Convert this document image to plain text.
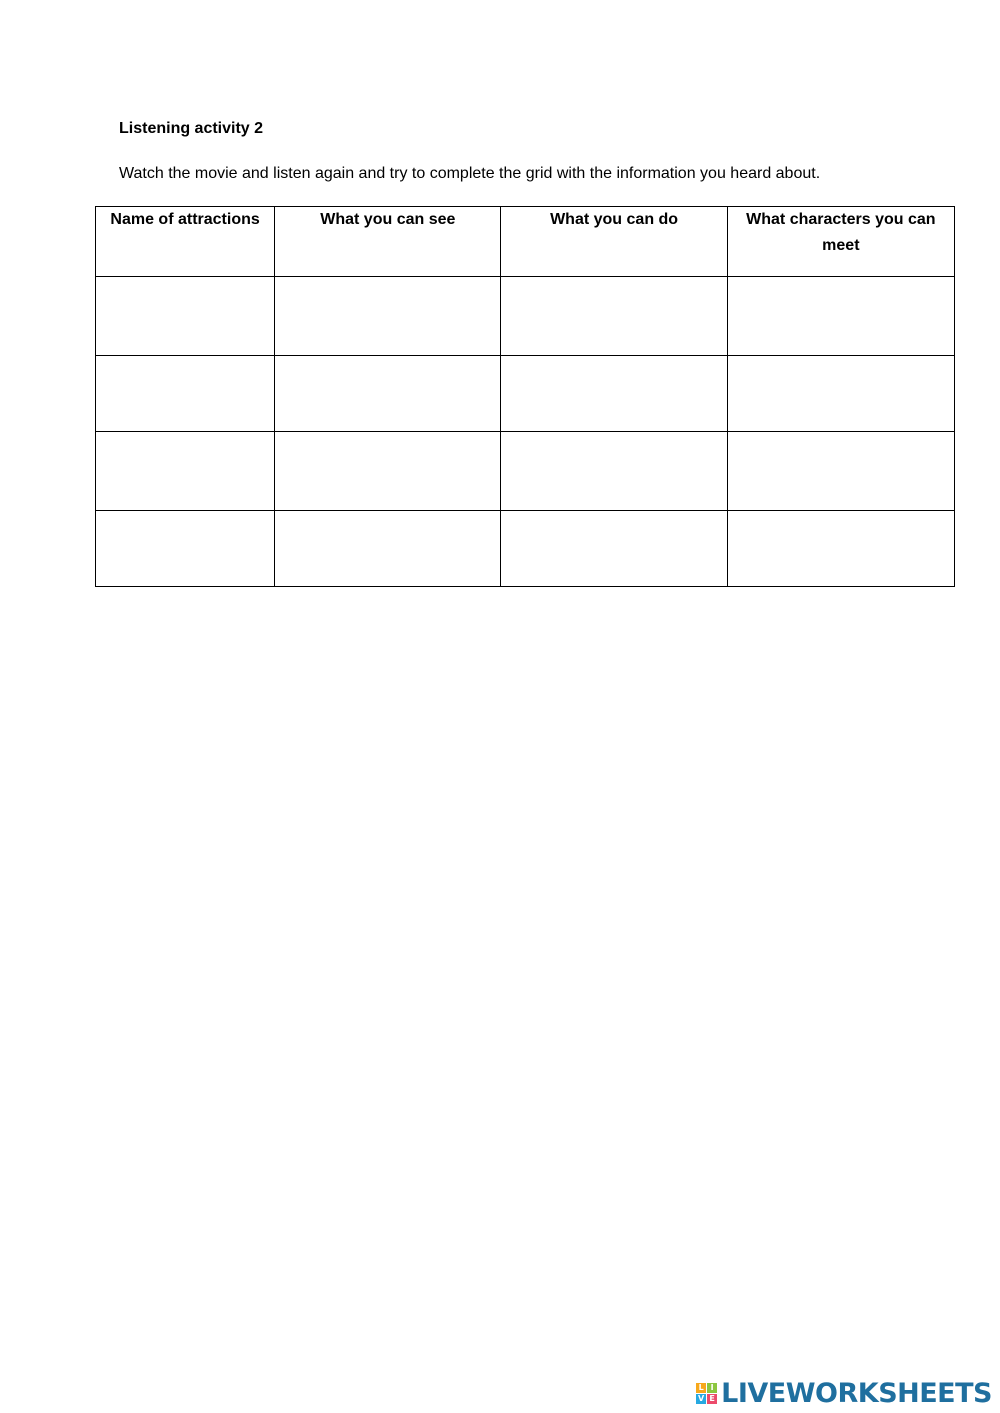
Listening activity 2

Watch the movie and listen again and try to complete the grid with the information you heard about.

Name of attractions	What you can see	What you can do	What characters you can meet

L I
V E LIVEWORKSHEETS
